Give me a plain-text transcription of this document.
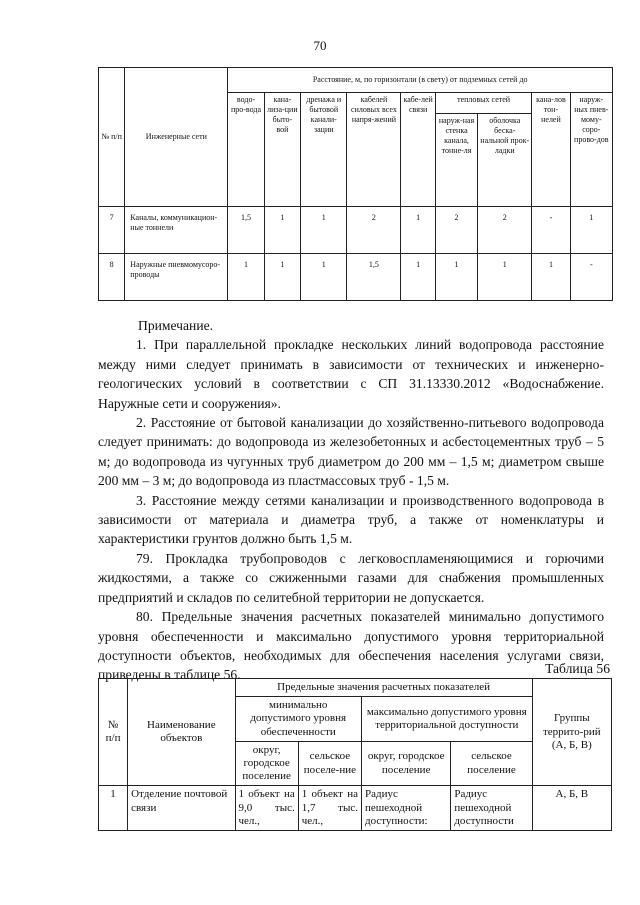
70
№ п/п	Инженерные сети	Расстояние, м, по горизонтали (в свету) от подземных сетей до								
		водо-про-вода	кана-лиза-ции быто-вой	дренажа и бытовой канали-зации	кабелей силовых всех напря-жений	кабе-лей связи	тепловых сетей		кана-лов тон-нелей	наруж-ных пнев-мому-соро-прово-дов
							наруж-ная стенка канала, тонне-ля	оболочка беска-нальной прок-ладки		
7	Каналы, коммуникацион-ные тоннели	1,5	1	1	2	1	2	2	-	1
8	Наружные пневмомусоро-проводы	1	1	1	1,5	1	1	1	1	-

Примечание.

1. При параллельной прокладке нескольких линий водопровода расстояние между ними следует принимать в зависимости от технических и инженерно-геологических условий в соответствии с СП 31.13330.2012 «Водоснабжение. Наружные сети и сооружения».

2. Расстояние от бытовой канализации до хозяйственно-питьевого водопровода следует принимать: до водопровода из железобетонных и асбестоцементных труб – 5 м; до водопровода из чугунных труб диаметром до 200 мм – 1,5 м; диаметром свыше 200 мм – 3 м; до водопровода из пластмассовых труб - 1,5 м.

3. Расстояние между сетями канализации и производственного водопровода в зависимости от материала и диаметра труб, а также от номенклатуры и характеристики грунтов должно быть 1,5 м.

79. Прокладка трубопроводов с легковоспламеняющимися и горючими жидкостями, а также со сжиженными газами для снабжения промышленных предприятий и складов по селитебной территории не допускается.

80. Предельные значения расчетных показателей минимально допустимого уровня обеспеченности и максимально допустимого уровня территориальной доступности объектов, необходимых для обеспечения населения услугами связи, приведены в таблице 56.	Таблица 56
№ п/п	Наименование объектов	Предельные значения расчетных показателей				Группы террито-рий (А, Б, В)
		минимально допустимого уровня обеспеченности		максимально допустимого уровня территориальной доступности		
		округ, городское поселение	сельское поселе-ние	округ, городское поселение	сельское поселение	
1	Отделение почтовой связи	1 объект на 9,0 тыс. чел.,	1 объект на 1,7 тыс. чел.,	Радиус пешеходной доступности:	Радиус пешеходной доступности	А, Б, В
